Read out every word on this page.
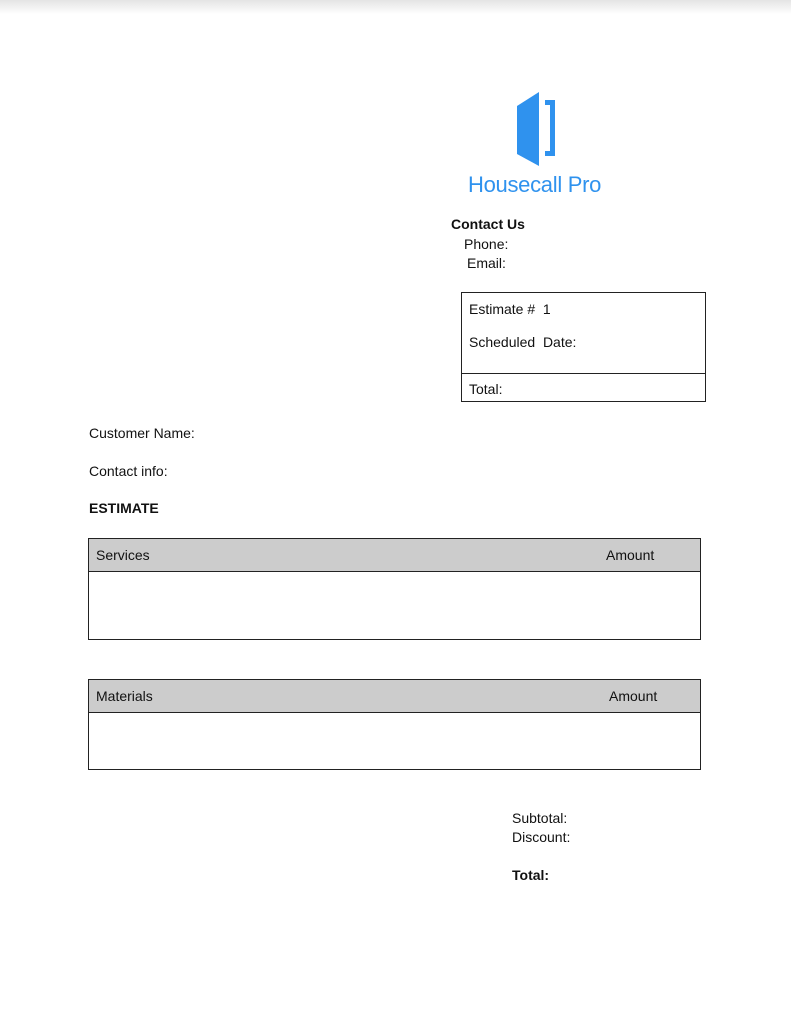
Housecall Pro
Contact Us
Phone:
Email:
Estimate #  1
Scheduled  Date:
Total:
Customer Name:
Contact info:
ESTIMATE
Services	Amount
Materials	Amount
Subtotal:
Discount:
Total:
